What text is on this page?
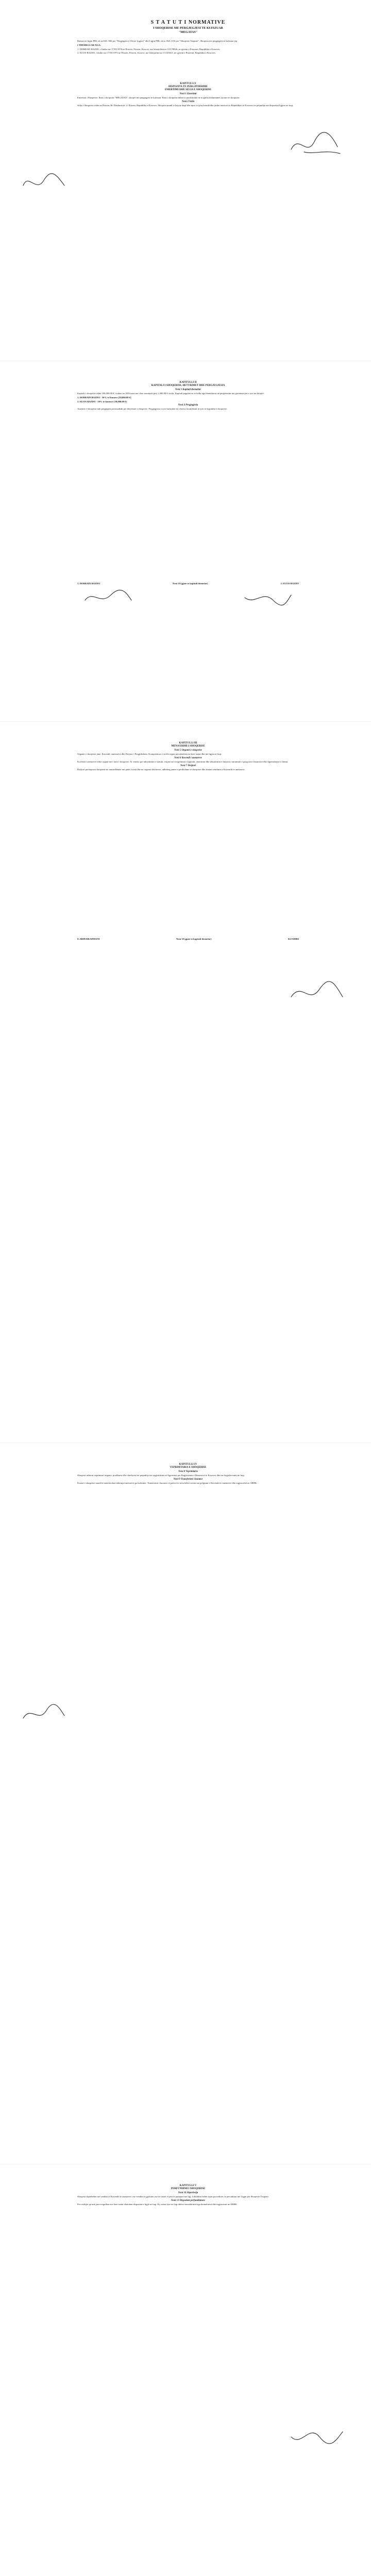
S T A T U T I NORMATIVE
I SHOQERISE ME PERGJEGJESI TE KUFIZUAR
"MEGATAS"
Bazuar ne ligjin PHL.sh nr.04/L-066 per "Pergjegjesi e Ofrese Ligjore" dhe Ligjin PHL.sh nr. 06/L-016 per "Shoqerite Tregtare", Shoqeria me pergjegjesi te kufizuar jep
I THEMELUAR NGA:
1. DORRAIN BAZDO, i lindur me 17/03/1976 ne Prizren, Prizren, Kosove, me letenjoftim nr.111170826, ne qytetin e Prizrenit, Republika e Kosoves;
2. ELVIS BAZDO, i lindur me 17/05/1973 ne Prizren, Prizren, Kosove, me letenjoftim nr.111145021, ne qytetin e Prizrenit, Republika e Kosoves.
KAPITULLI I
DISPOZITA TE PERGJITHSHME
EMERTIMI DHE SELIA E SHOQERISE
Neni 1 Emertimi
Emertimi i Shoqerise: Emri i shoqerise "MEGATAS", shoqeri me pergjegjesi te kufizuar. Emri i shoqerise duhet te pershkruhet ne te gjitha dokumentet zyrtare te shoqerise.
Neni 2 Selia
Selia e Shoqerise eshte ne Prizren, Rr. Dardania nr. 4, Prizren, Republika e Kosoves. Shoqeria mund te krijoje degë dhe njesi te tjera brenda dhe jashte territorit te Republikes se Kosoves ne perputhje me dispozitat ligjore ne fuqi.
KAPITULLI II
KAPITALI I SHOQERISE, DETYRIMET DHE PERGJEGJESIA
Neni 3 Kapitali themeltar
Kapitali i shoqerise eshte 100,000.00 €, i ndare ne 100 kuota me vlere nominale prej 1,000.00 € secila. Kapitali paguhet ne te holla nga themeluesit ne perpjesetim me pjesemarrjen e tyre ne shoqeri.
1. DORRAIN BAZDO - 50% te kuotave (50,000.00 €)
2. ELVIS BAZDO - 50% te kuotave (50,000.00 €)
Neni 4 Pergjegjesia
Anetaret e shoqerise nuk pergjigjen personalisht per detyrimet e shoqerise. Pergjegjesia e tyre kufizohet ne vleren e kontributit te tyre ne kapitalin e shoqerise.
1. DORRAIN BAZDO	Neni 10 (gjate te kapitali themelar)	2. ELVIS BAZDO
KAPITULLI III
MENAXHIMI I SHOQERISE
Neni 5 Organet e shoqerise
Organet e shoqerise jane: Kuvendi i anetareve dhe Drejtori i Pergjithshem. Kompetencat e secilit organ percaktohen me kete statut dhe me ligjin ne fuqi.
Neni 6 Kuvendi i anetareve
Kuvendi i anetareve eshte organi me i larte i shoqerise. Ai vendos per ndryshimin e statutit, rritjen ose zvogelimin e kapitalit, emerimin dhe shkarkimin e drejtorit, miratimin e pasqyrave financiare dhe shperndarjen e fitimit.
Neni 7 Drejtori
Drejtori perfaqeson shoqerine ne marredheniet me palet e treta dhe ne organet shteterore, udheheq punen e perditshme te shoqerise dhe zbaton vendimet e Kuvendit te anetareve.
E.ABDURRAHMANI	Neni 10 (gjate te kapitali themelar)	B.ZAHIRI
KAPITULLI IV
VEPRIMTARIA E SHOQERISE
Neni 8 Veprimtaria
Shoqeria ushtron veprimtari tregtare, prodhuese dhe sherbyese ne perputhje me regjistrimin ne Agjencine per Regjistrimin e Bizneseve te Kosoves dhe me legjislacionin ne fuqi.
Neni 9 Transferimi i kuotave
Kuotat e shoqerise mund te transferohen ndermjet anetareve pa kufizime. Transferimi i kuotave te paleve te treta behet vetem me pelqimin e Kuvendit te anetareve dhe regjistrohet ne ARBK.
KAPITULLI V
PERFUNDIMI I SHOQERISE
Neni 10 Shperberja
Shoqeria shperbehet me vendim te Kuvendit te anetareve, me vendim te gjykates ose ne rastet e tjera te parapara me ligj. Likuidimi behet sipas procedures se percaktuar me Ligjin per Shoqerite Tregtare.
Neni 11 Dispozitat perfundimtare
Per ceshtjet qe nuk jane rregulluar me kete statut zbatohen dispozitat e ligjit ne fuqi. Ky statut hyn ne fuqi ditën e nenshkrimit nga themeluesit dhe regjistrimit ne ARBK.
